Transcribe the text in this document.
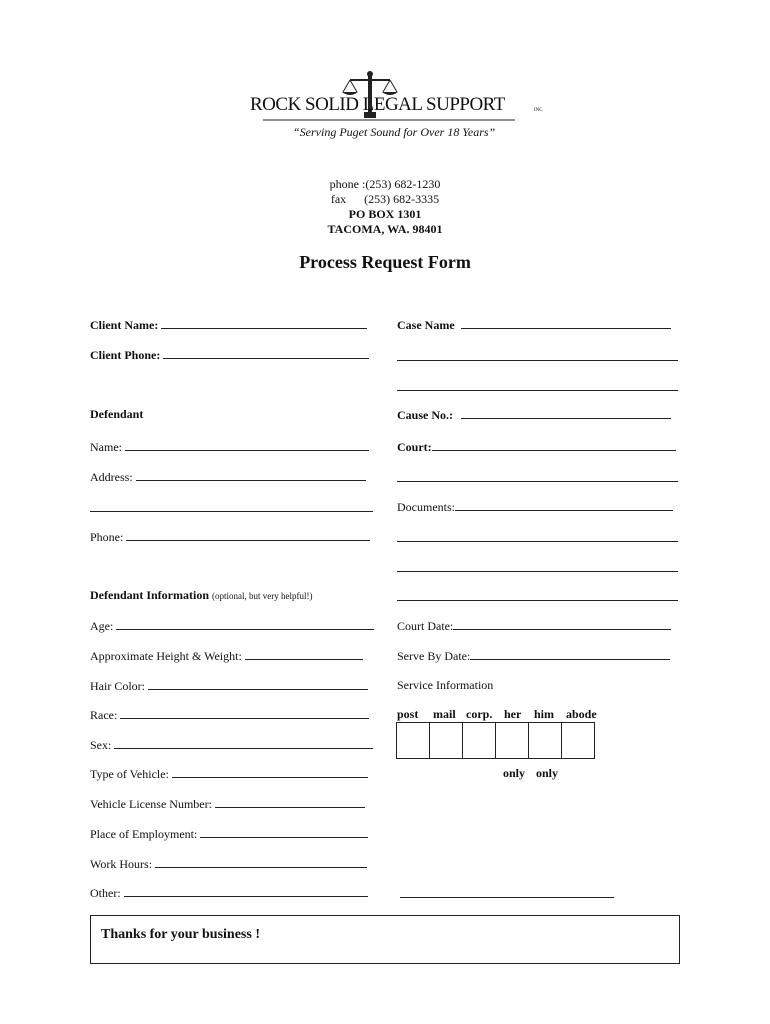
ROCK SOLID LEGAL SUPPORT	INC
“Serving Puget Sound for Over 18 Years”
phone :(253) 682-1230
fax      (253) 682-3335
PO BOX 1301
TACOMA, WA. 98401
Process Request Form
Client Name:
Client Phone:
Defendant
Name:
Address:
Phone:
Defendant Information (optional, but very helpful!)
Age:
Approximate Height & Weight:
Hair Color:
Race:
Sex:
Type of Vehicle:
Vehicle License Number:
Place of Employment:
Work Hours:
Other:
Case Name
Cause No.:
Court:
Documents:
Court Date:
Serve By Date:
Service Information
post mail corp. her him abode
only only
Thanks for your business !
